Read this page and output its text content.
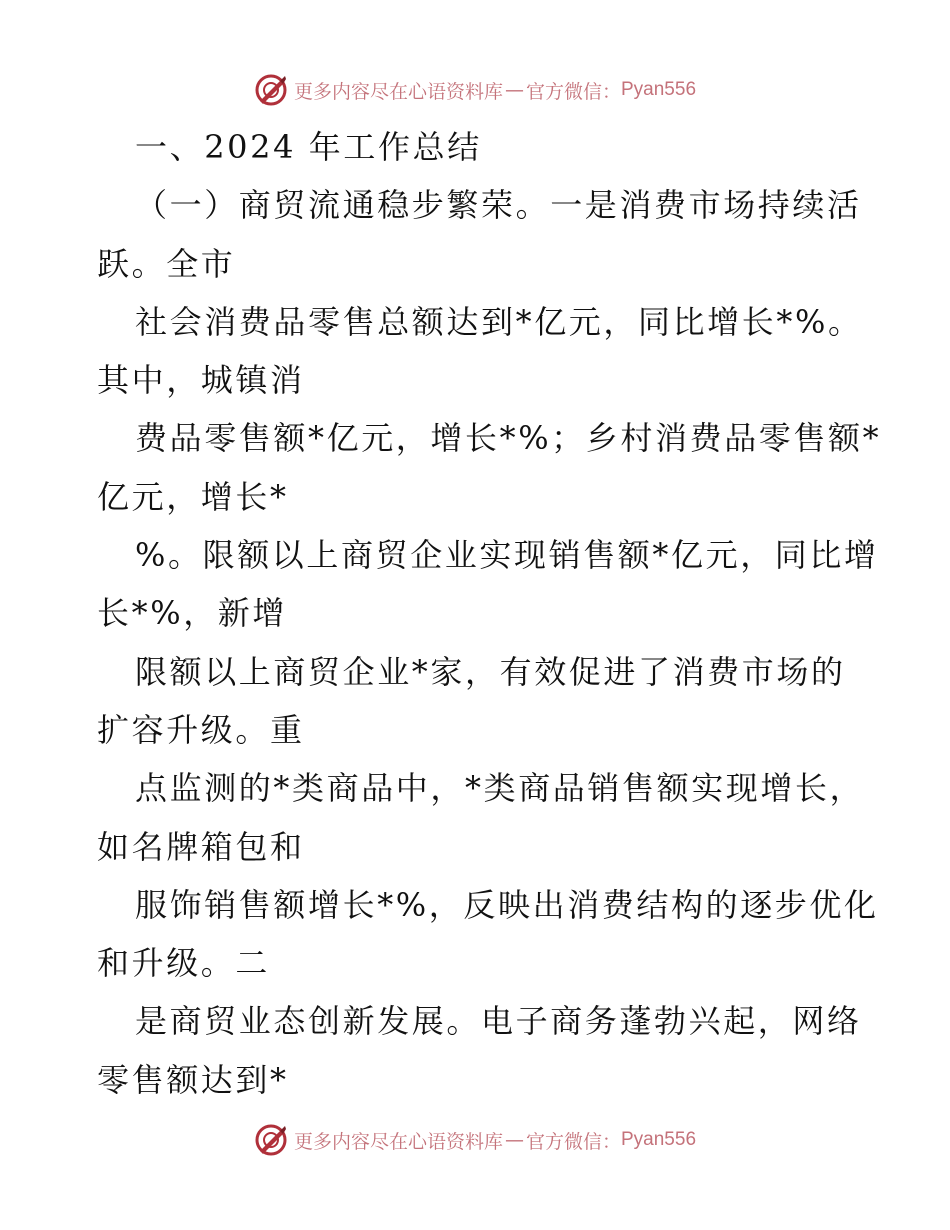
更多内容尽在心语资料库 — 官方微信： Pyan556
一、2024 年工作总结
（一）商贸流通稳步繁荣。一是消费市场持续活
跃。全市
社会消费品零售总额达到*亿元，同比增长*%。
其中，城镇消
费品零售额*亿元，增长*%；乡村消费品零售额*
亿元，增长*
%。限额以上商贸企业实现销售额*亿元，同比增
长*%，新增
限额以上商贸企业*家，有效促进了消费市场的
扩容升级。重
点监测的*类商品中，*类商品销售额实现增长，
如名牌箱包和
服饰销售额增长*%，反映出消费结构的逐步优化
和升级。二
是商贸业态创新发展。电子商务蓬勃兴起，网络
零售额达到*
更多内容尽在心语资料库 — 官方微信： Pyan556
